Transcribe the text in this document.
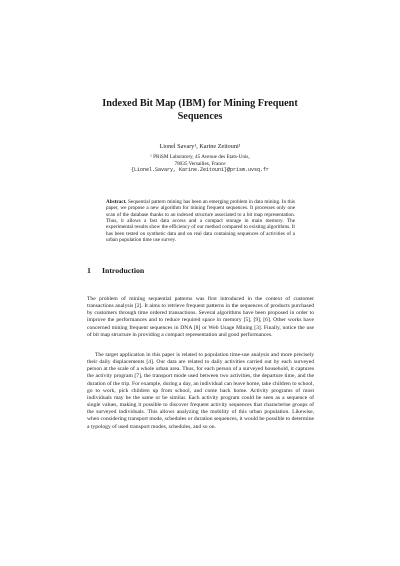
Indexed Bit Map (IBM) for Mining Frequent Sequences
Lionel Savary¹, Karine Zeitouni¹
¹ PRiSM Laboratory, 45 Avenue des Etats-Unis,
78035 Versailles, France
{Lionel.Savary, Karine.Zeitouni}@prism.uvsq.fr
Abstract. Sequential pattern mining has been an emerging problem in data mining. In this paper, we propose a new algorithm for mining frequent sequences. It processes only one scan of the database thanks to an indexed structure associated to a bit map representation. Thus, it allows a fast data access and a compact storage in main memory. The experimental results show the efficiency of our method compared to existing algorithms. It has been tested on synthetic data and on real data containing sequences of activities of a urban population time use survey.
1 Introduction
The problem of mining sequential patterns was first introduced in the context of customer transactions analysis [2]. It aims to retrieve frequent patterns in the sequences of products purchased by customers through time ordered transactions. Several algorithms have been proposed in order to improve the performances and to reduce required space in memory [5], [9], [6]. Other works have concerned mining frequent sequences in DNA [8] or Web Usage Mining [3]. Finally, notice the use of bit map structure in providing a compact representation and good performances.
The target application in this paper is related to population time-use analysis and more precisely their daily displacements [4]. Our data are related to daily activities carried out by each surveyed person at the scale of a whole urban area. Thus, for each person of a surveyed household, it captures the activity program [7], the transport mode used between two activities, the departure time, and the duration of the trip. For example, during a day, an individual can leave home, take children to school, go to work, pick children up from school, and come back home. Activity programs of most individuals may be the same or be similar. Each activity program could be seen as a sequence of single values, making it possible to discover frequent activity sequences that characterise groups of the surveyed individuals. This allows analyzing the mobility of this urban population. Likewise, when considering transport mode, schedules or duration sequences, it would be possible to determine a typology of used transport modes, schedules, and so on.
